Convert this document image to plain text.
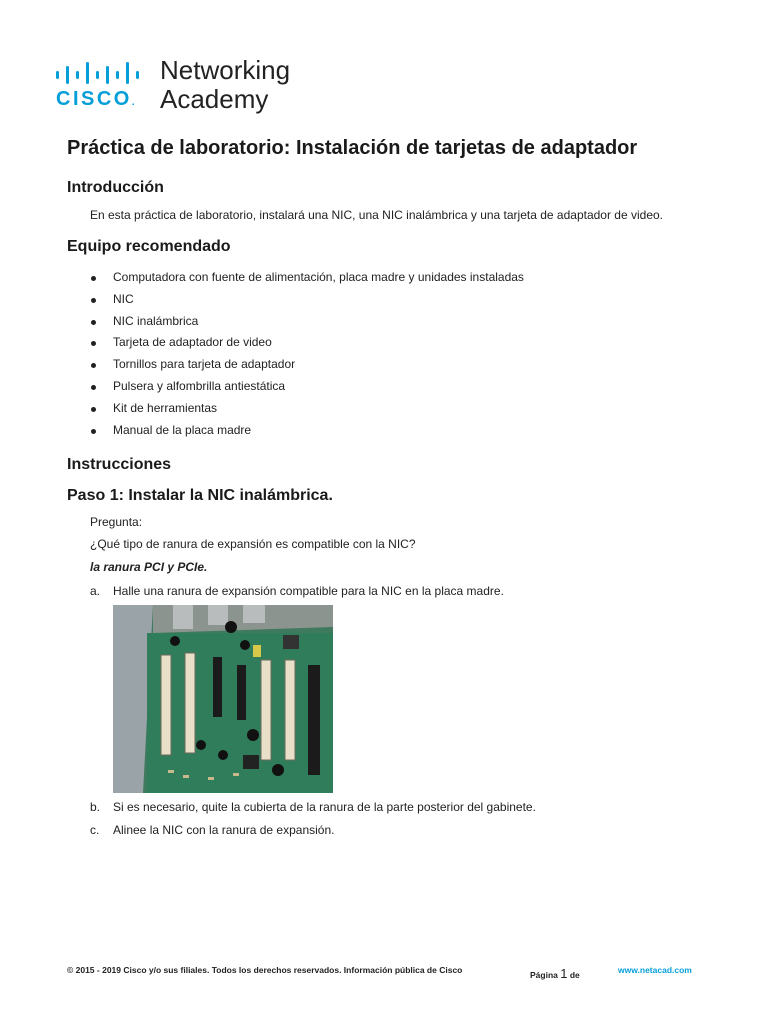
CISCO.
Networking
Academy
Práctica de laboratorio: Instalación de tarjetas de adaptador
Introducción

En esta práctica de laboratorio, instalará una NIC, una NIC inalámbrica y una tarjeta de adaptador de video.

Equipo recomendado
Computadora con fuente de alimentación, placa madre y unidades instaladas
NIC
NIC inalámbrica
Tarjeta de adaptador de video
Tornillos para tarjeta de adaptador
Pulsera y alfombrilla antiestática
Kit de herramientas
Manual de la placa madre
Instrucciones
Paso 1: Instalar la NIC inalámbrica.

Pregunta:

¿Qué tipo de ranura de expansión es compatible con la NIC?

la ranura PCI y PCIe.

a. Halle una ranura de expansión compatible para la NIC en la placa madre.
b. Si es necesario, quite la cubierta de la ranura de la parte posterior del gabinete.
c. Alinee la NIC con la ranura de expansión.
© 2015 - 2019 Cisco y/o sus filiales. Todos los derechos reservados. Información pública de Cisco	Página 1 de	www.netacad.com
